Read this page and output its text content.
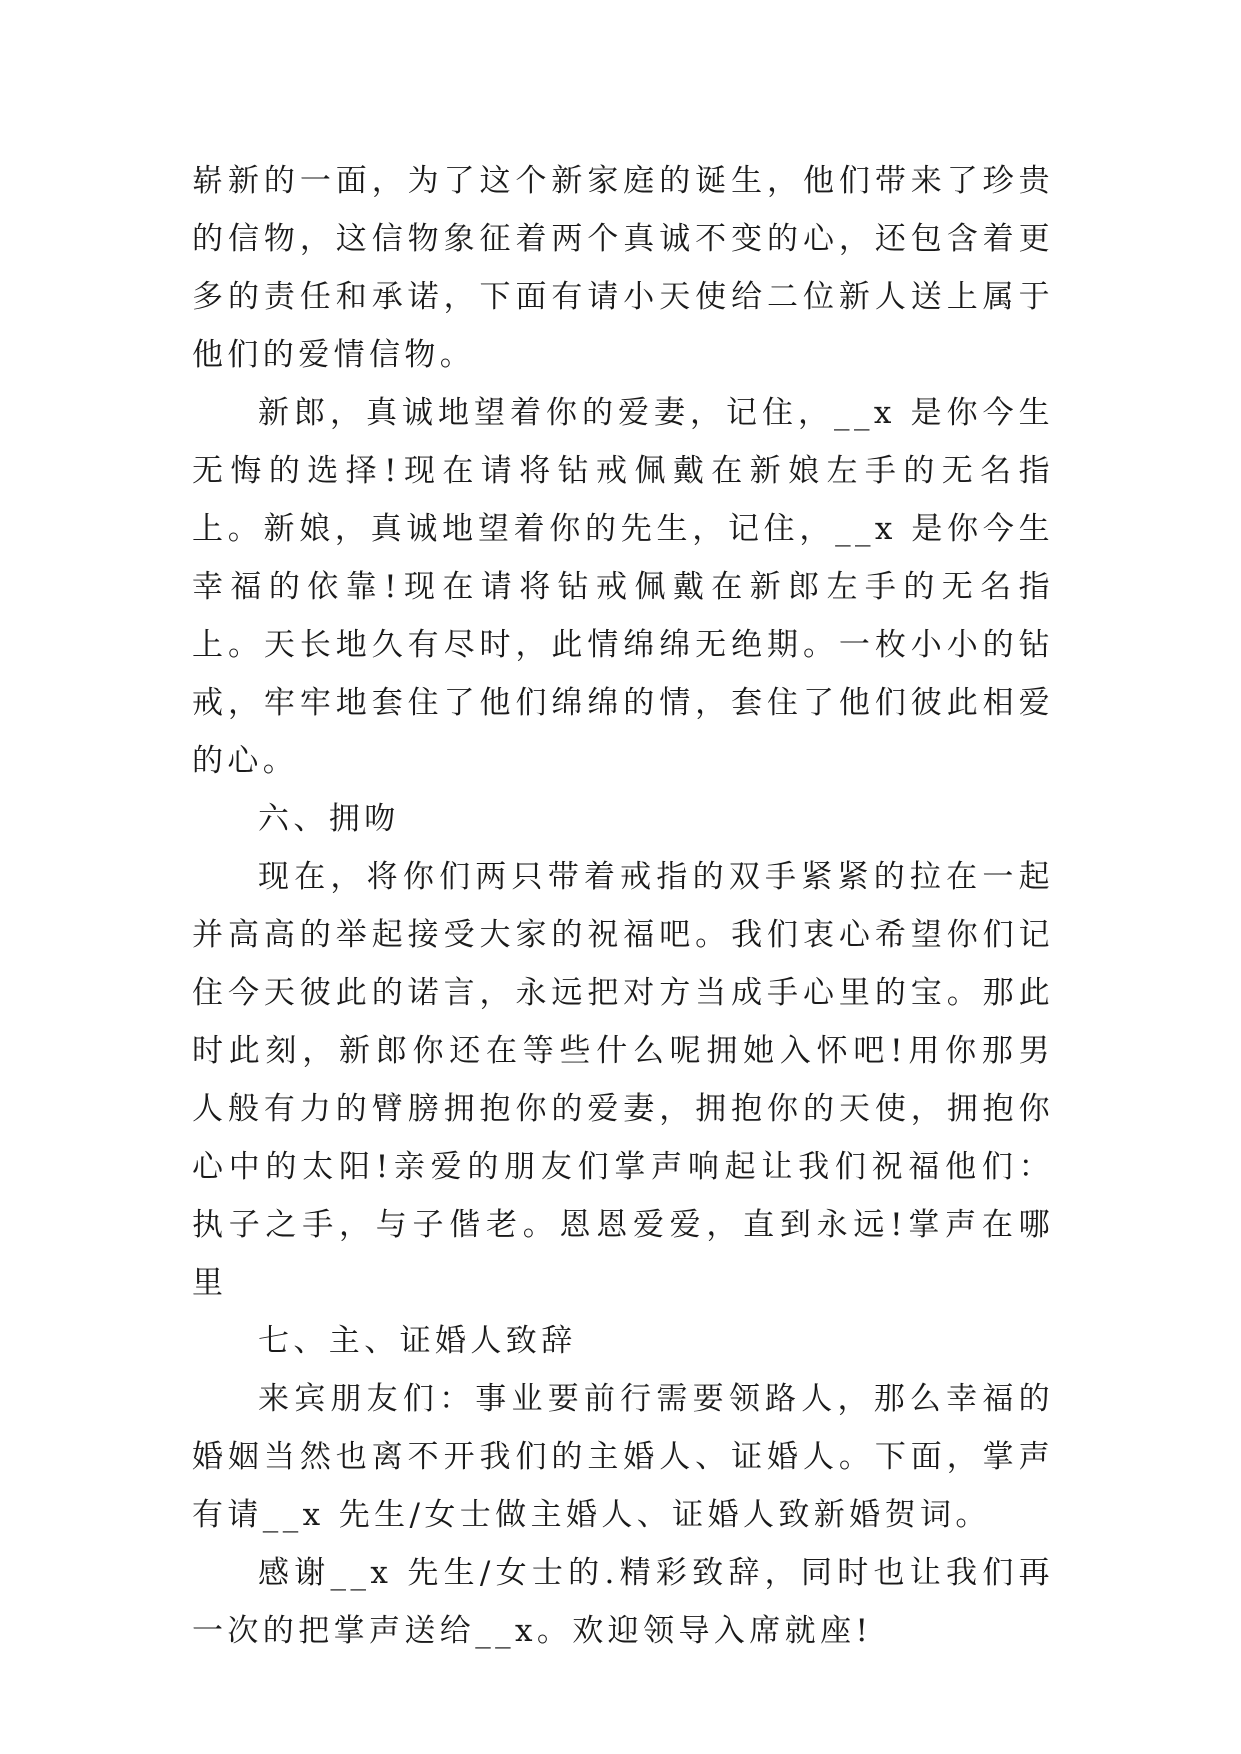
崭新的一面，为了这个新家庭的诞生，他们带来了珍贵的信物，这信物象征着两个真诚不变的心，还包含着更多的责任和承诺，下面有请小天使给二位新人送上属于他们的爱情信物。

新郎，真诚地望着你的爱妻，记住，__x 是你今生无悔的选择!现在请将钻戒佩戴在新娘左手的无名指上。新娘，真诚地望着你的先生，记住，__x 是你今生幸福的依靠!现在请将钻戒佩戴在新郎左手的无名指上。天长地久有尽时，此情绵绵无绝期。一枚小小的钻戒，牢牢地套住了他们绵绵的情，套住了他们彼此相爱的心。

六、拥吻

现在，将你们两只带着戒指的双手紧紧的拉在一起并高高的举起接受大家的祝福吧。我们衷心希望你们记住今天彼此的诺言，永远把对方当成手心里的宝。那此时此刻，新郎你还在等些什么呢拥她入怀吧!用你那男人般有力的臂膀拥抱你的爱妻，拥抱你的天使，拥抱你心中的太阳!亲爱的朋友们掌声响起让我们祝福他们：执子之手，与子偕老。恩恩爱爱，直到永远!掌声在哪里

七、主、证婚人致辞

来宾朋友们：事业要前行需要领路人，那么幸福的婚姻当然也离不开我们的主婚人、证婚人。下面，掌声有请__x 先生/女士做主婚人、证婚人致新婚贺词。

感谢__x 先生/女士的.精彩致辞，同时也让我们再一次的把掌声送给__x。欢迎领导入席就座!
